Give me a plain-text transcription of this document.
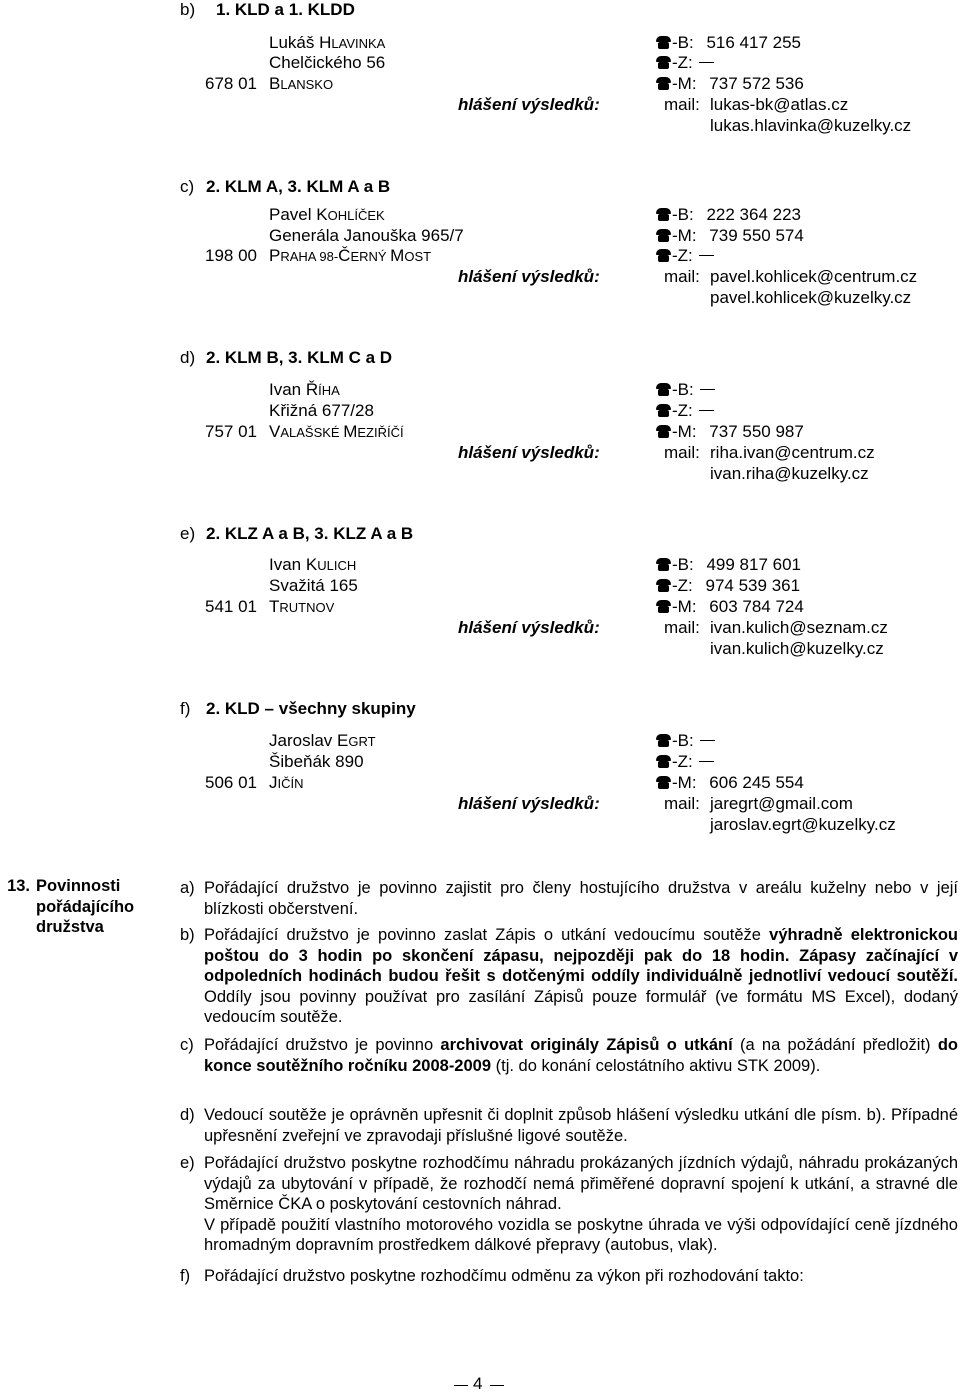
b) 1. KLD a 1. KLDD
Lukáš HLAVINKA
Chelčického 56
678 01 BLANSKO
-B: 516 417 255
-Z:
-M: 737 572 536
hlášení výsledků:	mail: lukas-bk@atlas.cz
lukas.hlavinka@kuzelky.cz
c) 2. KLM A, 3. KLM A a B
Pavel KOHLÍČEK
Generála Janouška 965/7
198 00 PRAHA 98-ČERNÝ MOST
-B: 222 364 223
-M: 739 550 574
-Z:
hlášení výsledků:	mail: pavel.kohlicek@centrum.cz
pavel.kohlicek@kuzelky.cz
d) 2. KLM B, 3. KLM C a D
Ivan ŘÍHA
Křižná 677/28
757 01 VALAŠSKÉ MEZIŘÍČÍ
-B:
-Z:
-M: 737 550 987
hlášení výsledků:	mail: riha.ivan@centrum.cz
ivan.riha@kuzelky.cz
e) 2. KLZ A a B, 3. KLZ A a B
Ivan KULICH
Svažitá 165
541 01 TRUTNOV
-B: 499 817 601
-Z: 974 539 361
-M: 603 784 724
hlášení výsledků:	mail: ivan.kulich@seznam.cz
ivan.kulich@kuzelky.cz
f) 2. KLD – všechny skupiny
Jaroslav EGRT
Šibeňák 890
506 01 JIČÍN
-B:
-Z:
-M: 606 245 554
hlášení výsledků:	mail: jaregrt@gmail.com
jaroslav.egrt@kuzelky.cz
13. Povinnosti
pořádajícího
družstva
a) Pořádající družstvo je povinno zajistit pro členy hostujícího družstva v areálu kuželny nebo v její blízkosti občerstvení.
b) Pořádající družstvo je povinno zaslat Zápis o utkání vedoucímu soutěže výhradně elektronickou poštou do 3 hodin po skončení zápasu, nejpozději pak do 18 hodin. Zápasy začínající v odpoledních hodinách budou řešit s dotčenými oddíly individuálně jednotliví vedoucí soutěží. Oddíly jsou povinny používat pro zasílání Zápisů pouze formulář (ve formátu MS Excel), dodaný vedoucím soutěže.
c) Pořádající družstvo je povinno archivovat originály Zápisů o utkání (a na požádání předložit) do konce soutěžního ročníku 2008-2009 (tj. do konání celostátního aktivu STK 2009).
d) Vedoucí soutěže je oprávněn upřesnit či doplnit způsob hlášení výsledku utkání dle písm. b). Případné upřesnění zveřejní ve zpravodaji příslušné ligové soutěže.
e) Pořádající družstvo poskytne rozhodčímu náhradu prokázaných jízdních výdajů, náhradu prokázaných výdajů za ubytování v případě, že rozhodčí nemá přiměřené dopravní spojení k utkání, a stravné dle Směrnice ČKA o poskytování cestovních náhrad.
V případě použití vlastního motorového vozidla se poskytne úhrada ve výši odpovídající ceně jízdného hromadným dopravním prostředkem dálkové přepravy (autobus, vlak).
f) Pořádající družstvo poskytne rozhodčímu odměnu za výkon při rozhodování takto:
4
